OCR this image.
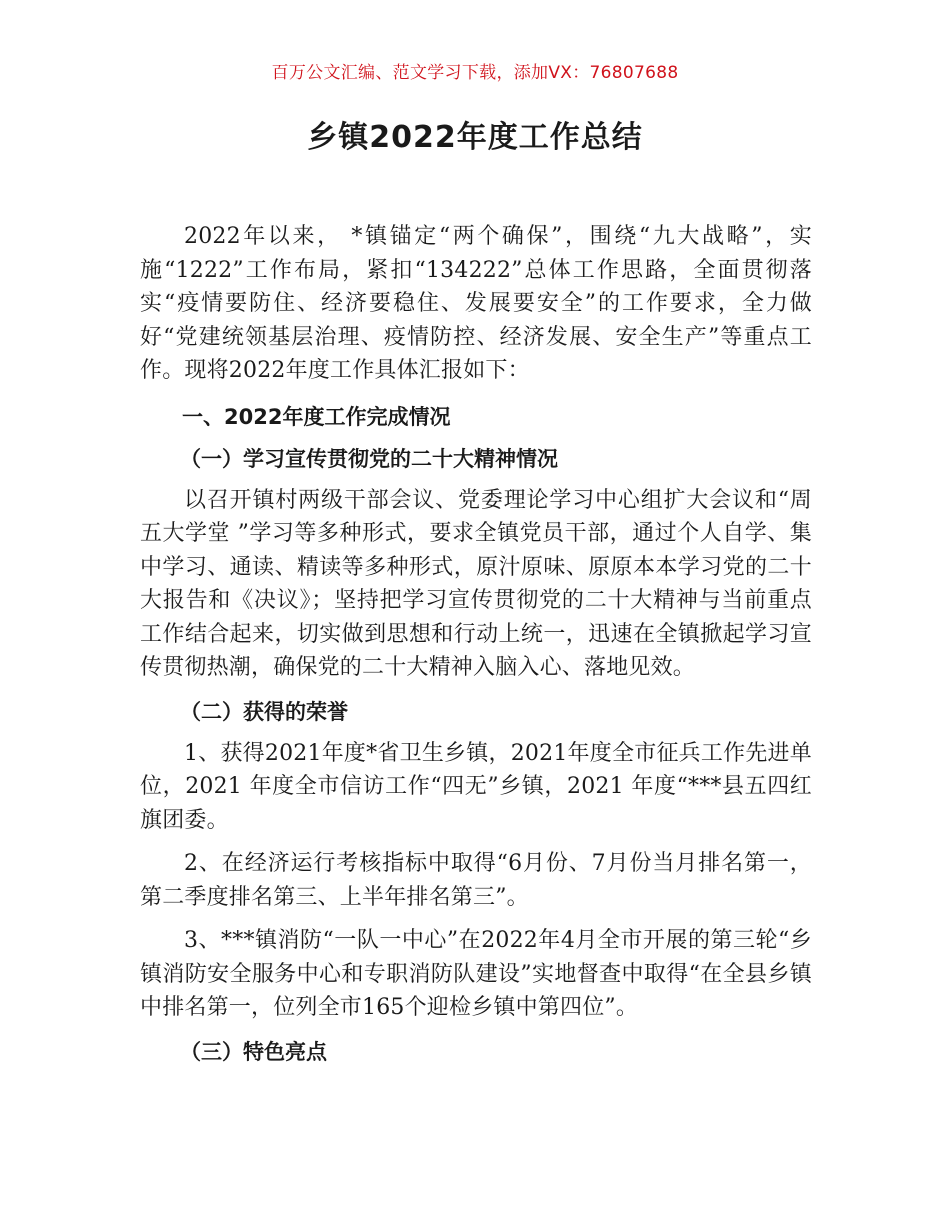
百万公文汇编、范文学习下载，添加VX：76807688
乡镇2022年度工作总结

2022年以来， *镇锚定“两个确保”，围绕“九大战略”，实施“1222”工作布局，紧扣“134222”总体工作思路，全面贯彻落实“疫情要防住、经济要稳住、发展要安全”的工作要求，全力做好“党建统领基层治理、疫情防控、经济发展、安全生产”等重点工作。现将2022年度工作具体汇报如下：

一、2022年度工作完成情况
（一）学习宣传贯彻党的二十大精神情况

以召开镇村两级干部会议、党委理论学习中心组扩大会议和“周五大学堂 ”学习等多种形式，要求全镇党员干部，通过个人自学、集中学习、通读、精读等多种形式，原汁原味、原原本本学习党的二十大报告和《决议》；坚持把学习宣传贯彻党的二十大精神与当前重点工作结合起来，切实做到思想和行动上统一，迅速在全镇掀起学习宣传贯彻热潮，确保党的二十大精神入脑入心、落地见效。

（二）获得的荣誉

1、获得2021年度*省卫生乡镇，2021年度全市征兵工作先进单位，2021 年度全市信访工作“四无”乡镇，2021 年度“***县五四红旗团委。

2、在经济运行考核指标中取得“6月份、7月份当月排名第一，第二季度排名第三、上半年排名第三”。

3、***镇消防“一队一中心”在2022年4月全市开展的第三轮“乡镇消防安全服务中心和专职消防队建设”实地督查中取得“在全县乡镇中排名第一，位列全市165个迎检乡镇中第四位”。

（三）特色亮点
